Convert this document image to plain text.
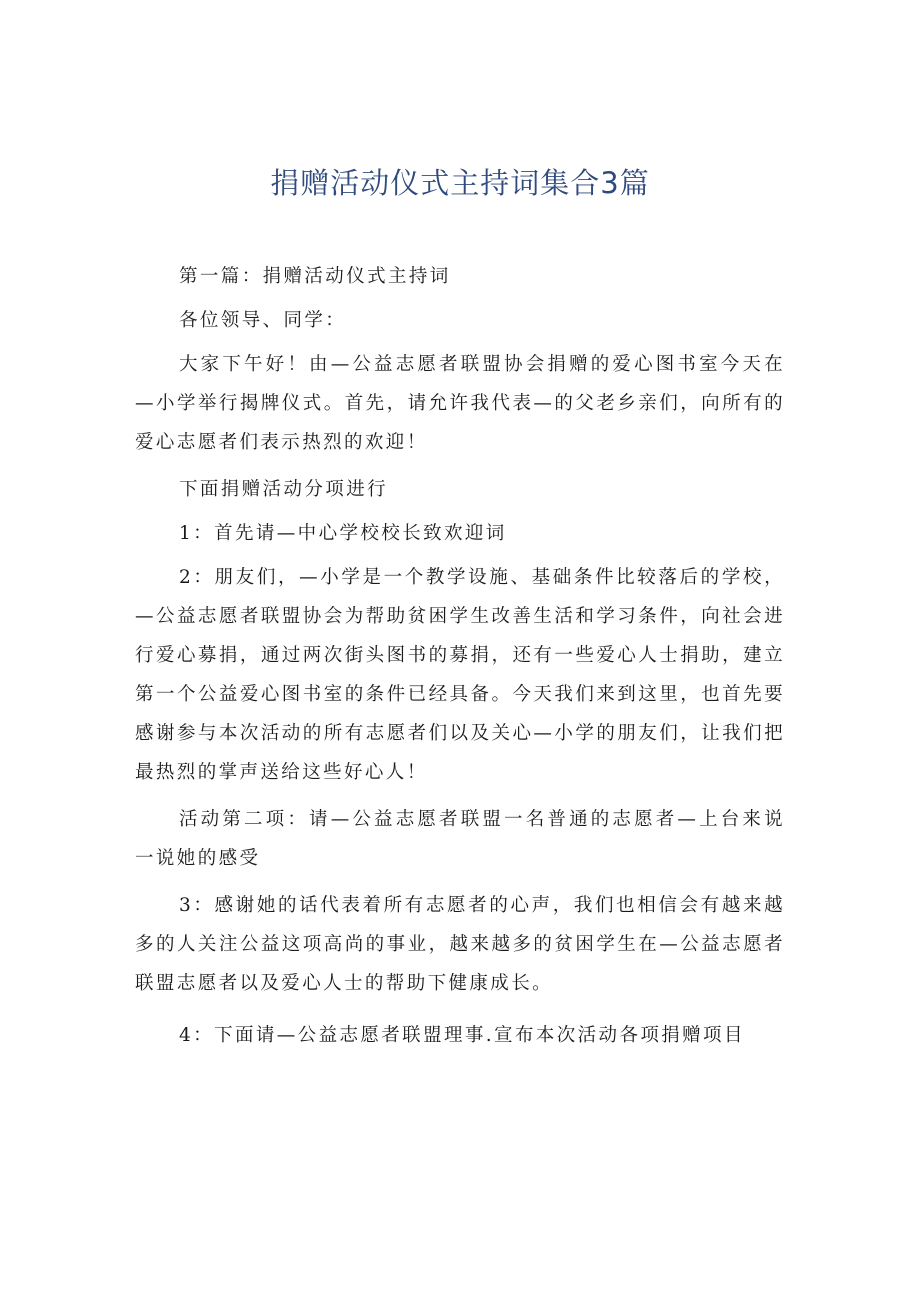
捐赠活动仪式主持词集合3篇

第一篇：捐赠活动仪式主持词

各位领导、同学：

大家下午好！由—公益志愿者联盟协会捐赠的爱心图书室今天在—小学举行揭牌仪式。首先，请允许我代表—的父老乡亲们，向所有的爱心志愿者们表示热烈的欢迎！

下面捐赠活动分项进行

1：首先请—中心学校校长致欢迎词

2：朋友们，—小学是一个教学设施、基础条件比较落后的学校，—公益志愿者联盟协会为帮助贫困学生改善生活和学习条件，向社会进行爱心募捐，通过两次街头图书的募捐，还有一些爱心人士捐助，建立第一个公益爱心图书室的条件已经具备。今天我们来到这里，也首先要感谢参与本次活动的所有志愿者们以及关心—小学的朋友们，让我们把最热烈的掌声送给这些好心人！

活动第二项：请—公益志愿者联盟一名普通的志愿者—上台来说一说她的感受

3：感谢她的话代表着所有志愿者的心声，我们也相信会有越来越多的人关注公益这项高尚的事业，越来越多的贫困学生在—公益志愿者联盟志愿者以及爱心人士的帮助下健康成长。

4：下面请—公益志愿者联盟理事.宣布本次活动各项捐赠项目
